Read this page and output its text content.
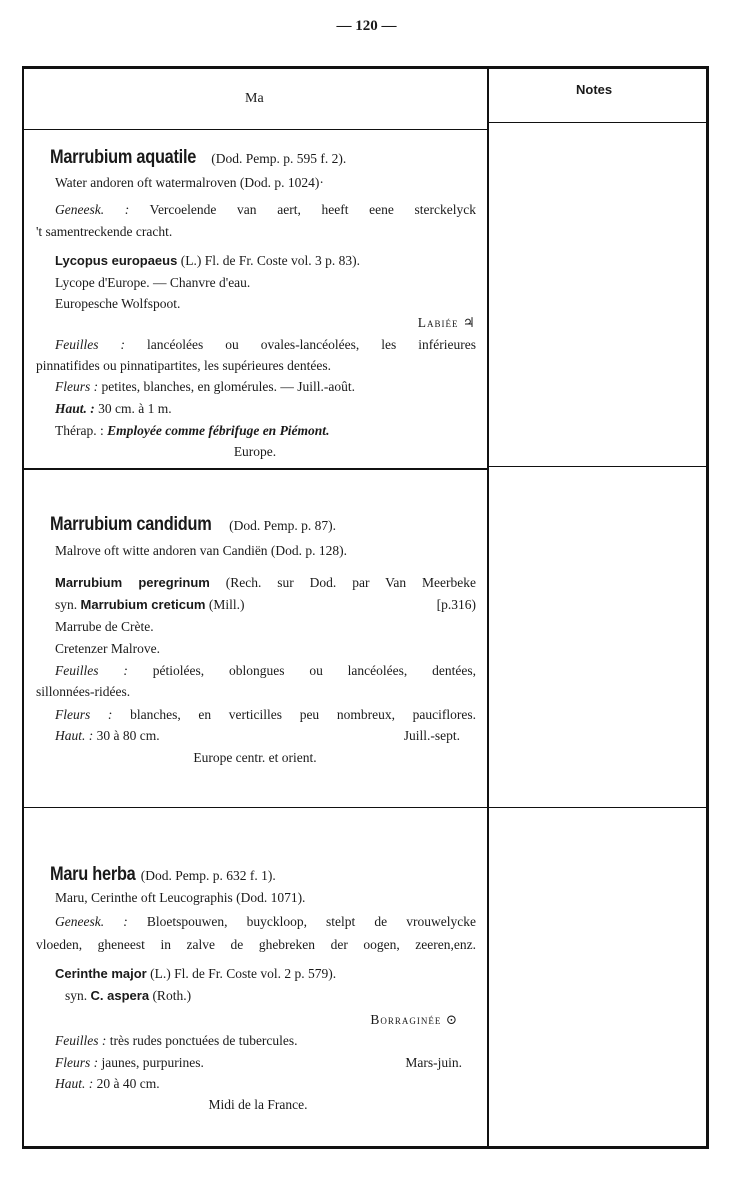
— 120 —
Ma
Notes
Marrubium aquatile (Dod. Pemp. p. 595 f. 2).
Water andoren oft watermalroven (Dod. p. 1024)·
Geneesk. : Vercoelende van aert, heeft eene sterckelyck
't samentreckende cracht.
Lycopus europaeus (L.) Fl. de Fr. Coste vol. 3 p. 83).
Lycope d'Europe. — Chanvre d'eau.
Europesche Wolfspoot.
Labiée ♃
Feuilles : lancéolées ou ovales-lancéolées, les inférieures
pinnatifides ou pinnatipartites, les supérieures dentées.
Fleurs : petites, blanches, en glomérules. — Juill.-août.
Haut. : 30 cm. à 1 m.
Thérap. : Employée comme fébrifuge en Piémont.
Europe.
Marrubium candidum (Dod. Pemp. p. 87).
Malrove oft witte andoren van Candiën (Dod. p. 128).
Marrubium peregrinum (Rech. sur Dod. par Van Meerbeke
syn. Marrubium creticum (Mill.)	[p.316)
Marrube de Crète.
Cretenzer Malrove.
Feuilles : pétiolées, oblongues ou lancéolées, dentées,
sillonnées-ridées.
Fleurs : blanches, en verticilles peu nombreux, pauciflores.
Haut. : 30 à 80 cm.	Juill.-sept.
Europe centr. et orient.
Maru herba (Dod. Pemp. p. 632 f. 1).
Maru, Cerinthe oft Leucographis (Dod. 1071).
Geneesk. : Bloetspouwen, buyckloop, stelpt de vrouwelycke
vloeden, gheneest in zalve de ghebreken der oogen, zeeren,enz.
Cerinthe major (L.) Fl. de Fr. Coste vol. 2 p. 579).
syn. C. aspera (Roth.)
Borraginée ⊙
Feuilles : très rudes ponctuées de tubercules.
Fleurs : jaunes, purpurines.	Mars-juin.
Haut. : 20 à 40 cm.
Midi de la France.
